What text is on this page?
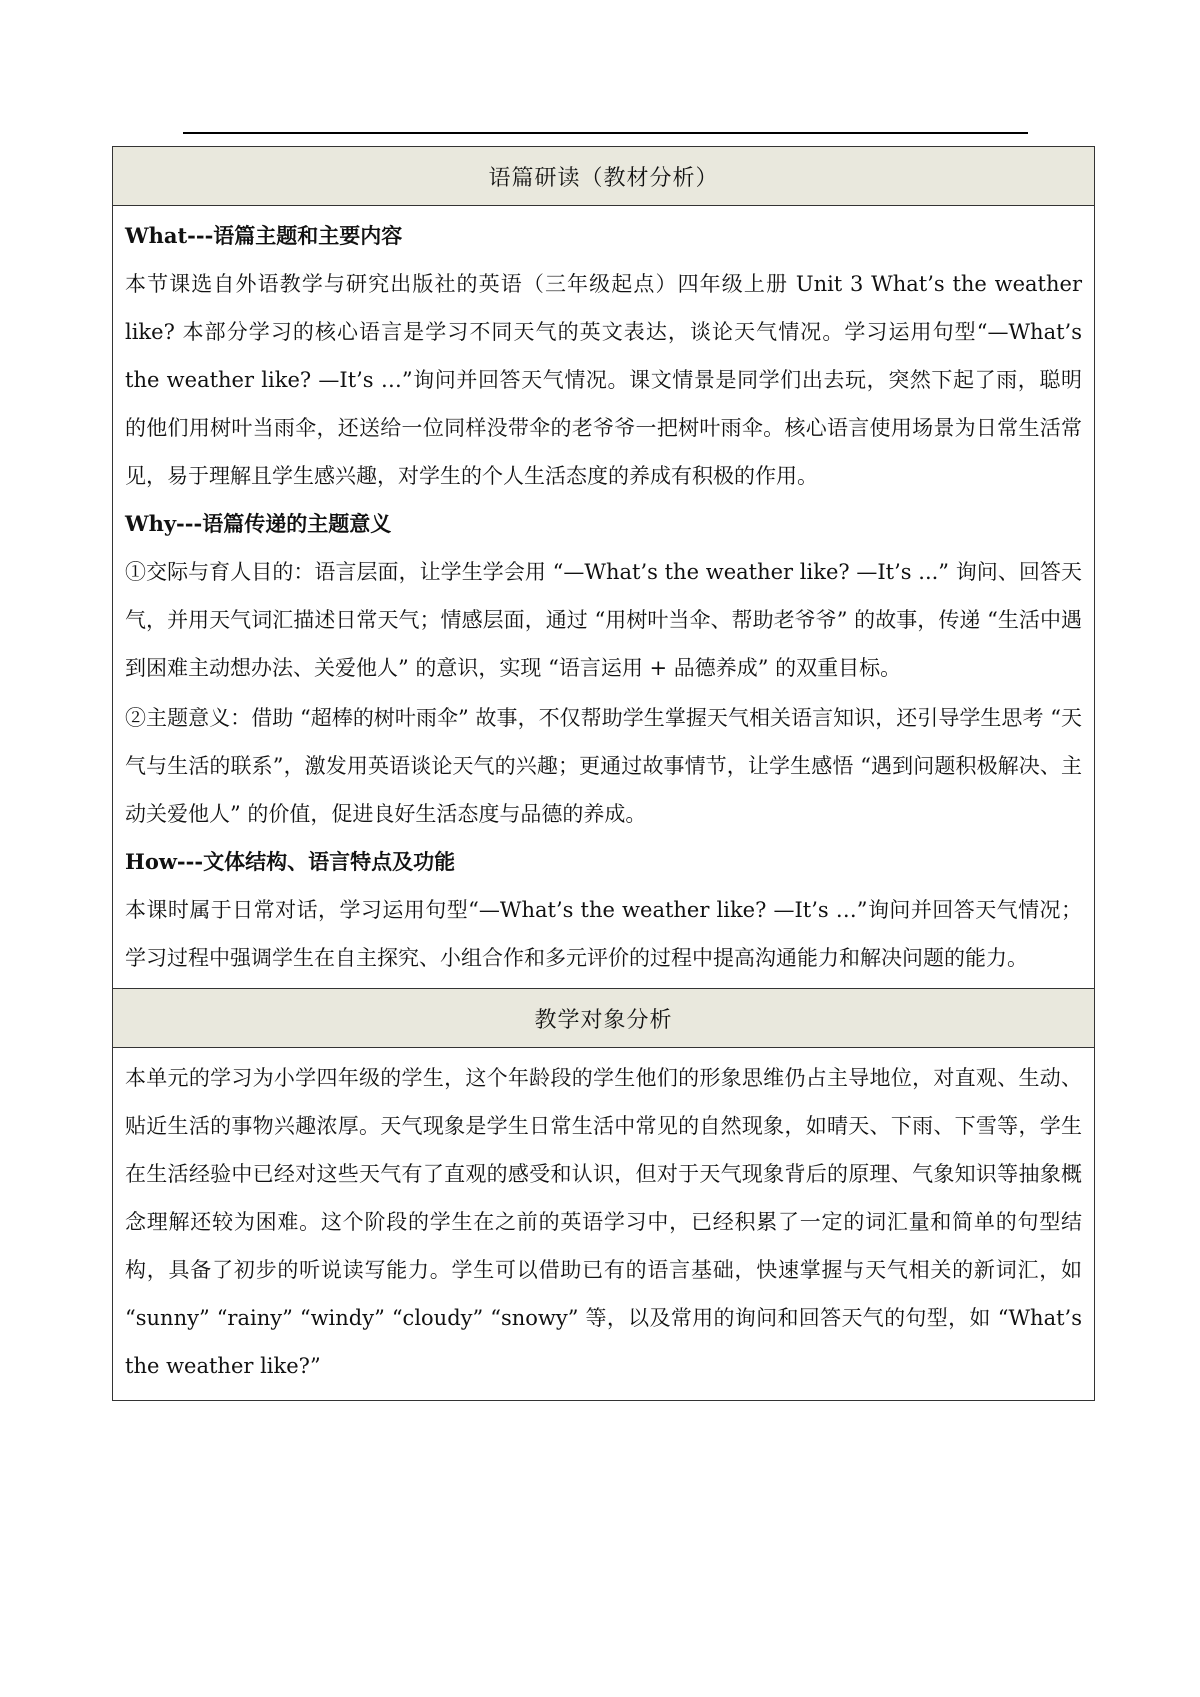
语篇研读（教材分析）
What---语篇主题和主要内容

本节课选自外语教学与研究出版社的英语（三年级起点）四年级上册 Unit 3 What’s the weather like? 本部分学习的核心语言是学习不同天气的英文表达，谈论天气情况。学习运用句型“—What’s the weather like? —It’s …”询问并回答天气情况。课文情景是同学们出去玩，突然下起了雨，聪明的他们用树叶当雨伞，还送给一位同样没带伞的老爷爷一把树叶雨伞。核心语言使用场景为日常生活常见，易于理解且学生感兴趣，对学生的个人生活态度的养成有积极的作用。

Why---语篇传递的主题意义

①交际与育人目的：语言层面，让学生学会用 “—What’s the weather like? —It’s ...” 询问、回答天气，并用天气词汇描述日常天气；情感层面，通过 “用树叶当伞、帮助老爷爷” 的故事，传递 “生活中遇到困难主动想办法、关爱他人” 的意识，实现 “语言运用 + 品德养成” 的双重目标。

②主题意义：借助 “超棒的树叶雨伞” 故事，不仅帮助学生掌握天气相关语言知识，还引导学生思考 “天气与生活的联系”，激发用英语谈论天气的兴趣；更通过故事情节，让学生感悟 “遇到问题积极解决、主动关爱他人” 的价值，促进良好生活态度与品德的养成。

How---文体结构、语言特点及功能

本课时属于日常对话，学习运用句型“—What’s the weather like? —It’s …”询问并回答天气情况；学习过程中强调学生在自主探究、小组合作和多元评价的过程中提高沟通能力和解决问题的能力。

教学对象分析

本单元的学习为小学四年级的学生，这个年龄段的学生他们的形象思维仍占主导地位，对直观、生动、贴近生活的事物兴趣浓厚。天气现象是学生日常生活中常见的自然现象，如晴天、下雨、下雪等，学生在生活经验中已经对这些天气有了直观的感受和认识，但对于天气现象背后的原理、气象知识等抽象概念理解还较为困难。这个阶段的学生在之前的英语学习中，已经积累了一定的词汇量和简单的句型结构，具备了初步的听说读写能力。学生可以借助已有的语言基础，快速掌握与天气相关的新词汇，如 “sunny” “rainy” “windy” “cloudy” “snowy” 等，以及常用的询问和回答天气的句型，如 “What’s the weather like?”
